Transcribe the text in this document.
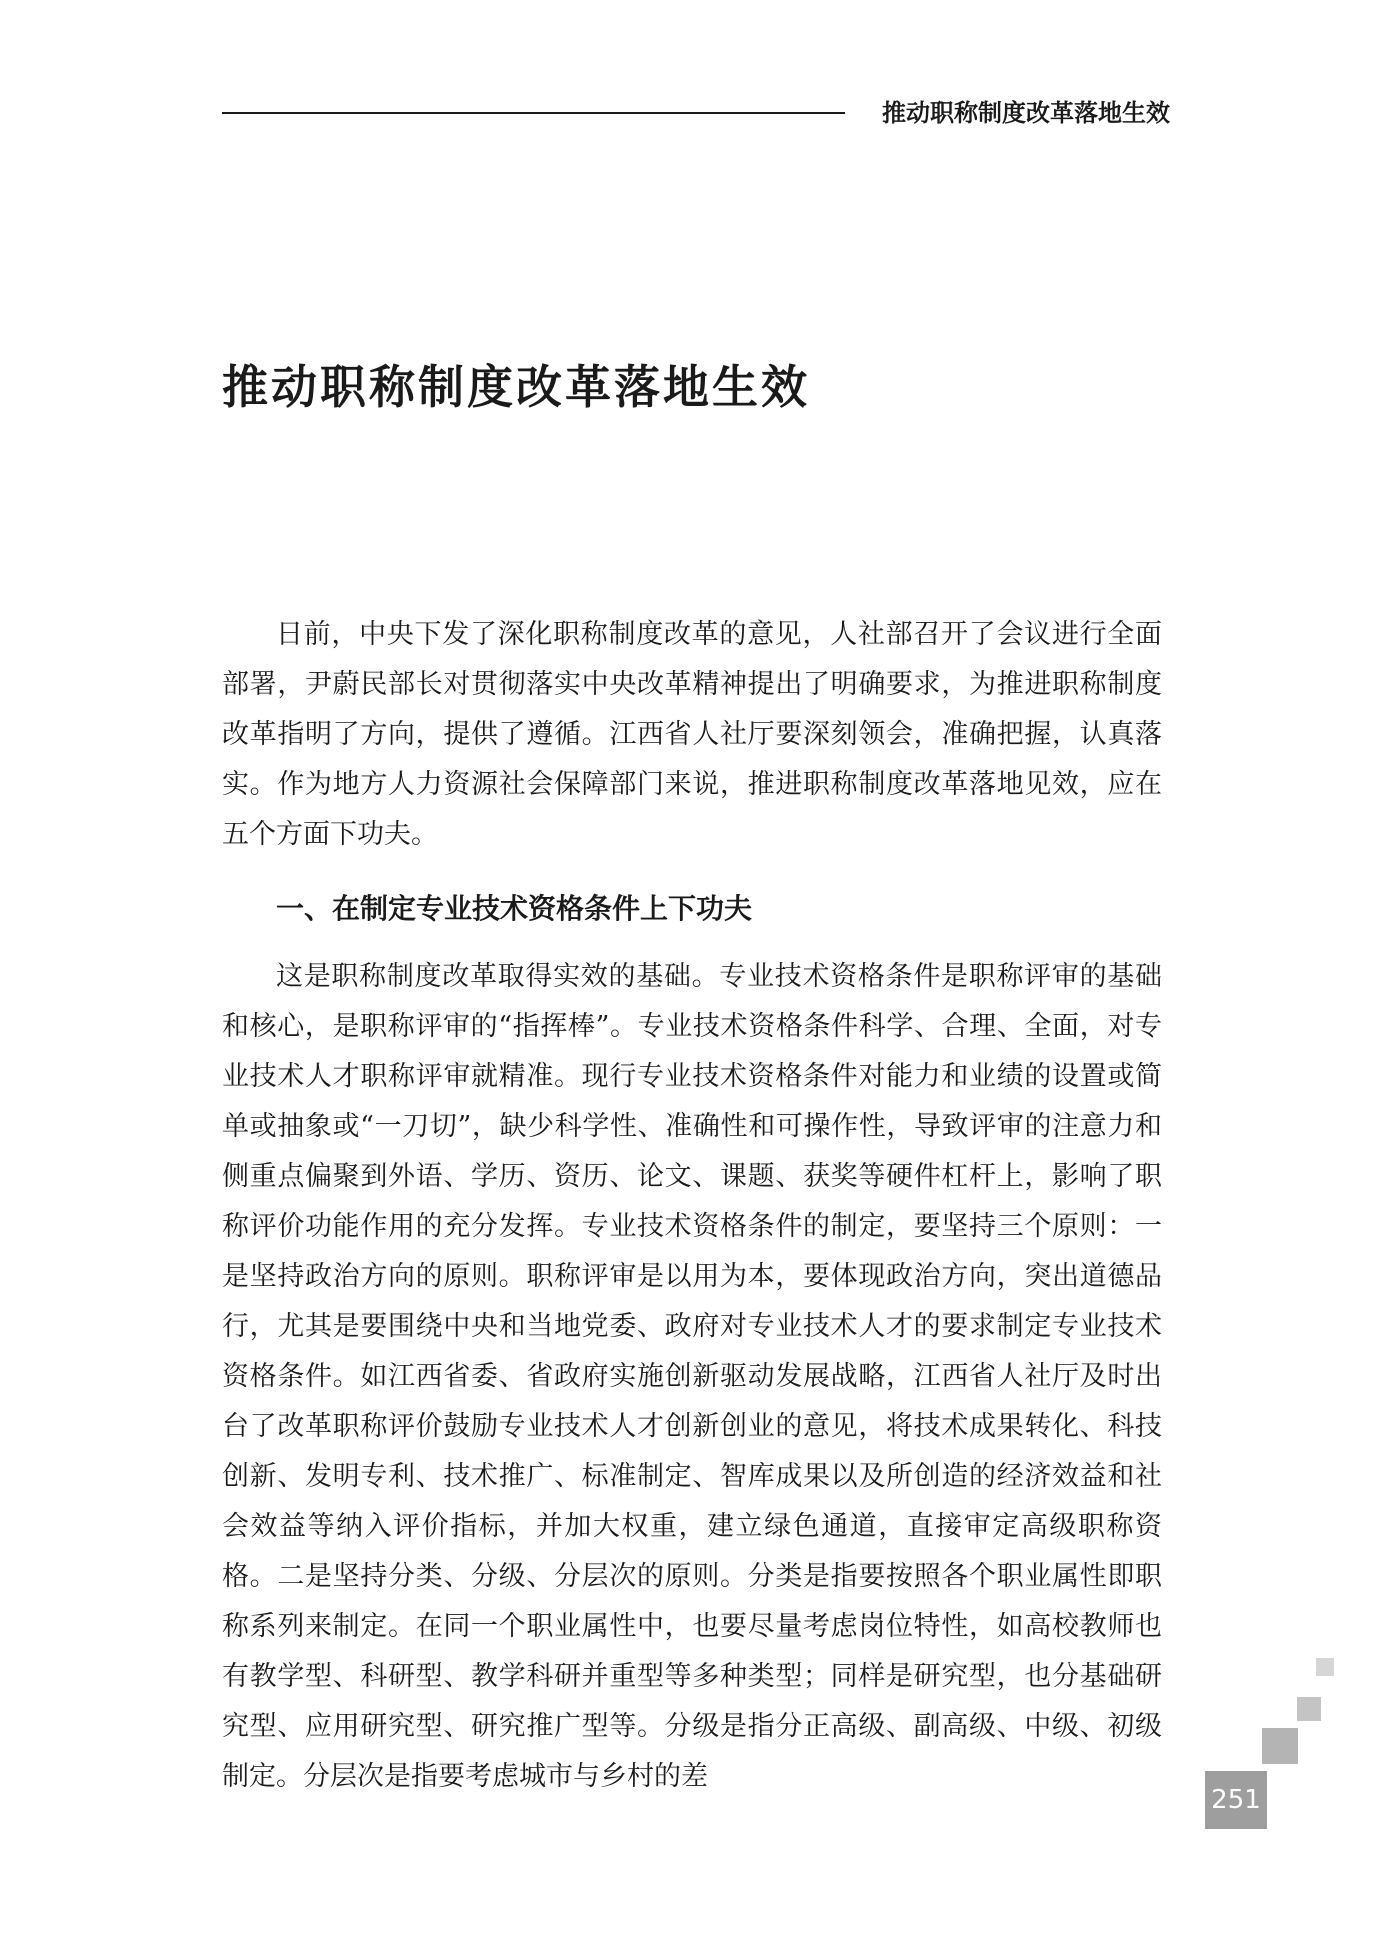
推动职称制度改革落地生效
推动职称制度改革落地生效

日前，中央下发了深化职称制度改革的意见，人社部召开了会议进行全面部署，尹蔚民部长对贯彻落实中央改革精神提出了明确要求，为推进职称制度改革指明了方向，提供了遵循。江西省人社厅要深刻领会，准确把握，认真落实。作为地方人力资源社会保障部门来说，推进职称制度改革落地见效，应在五个方面下功夫。

一、在制定专业技术资格条件上下功夫

这是职称制度改革取得实效的基础。专业技术资格条件是职称评审的基础和核心，是职称评审的“指挥棒”。专业技术资格条件科学、合理、全面，对专业技术人才职称评审就精准。现行专业技术资格条件对能力和业绩的设置或简单或抽象或“一刀切”，缺少科学性、准确性和可操作性，导致评审的注意力和侧重点偏聚到外语、学历、资历、论文、课题、获奖等硬件杠杆上，影响了职称评价功能作用的充分发挥。专业技术资格条件的制定，要坚持三个原则：一是坚持政治方向的原则。职称评审是以用为本，要体现政治方向，突出道德品行，尤其是要围绕中央和当地党委、政府对专业技术人才的要求制定专业技术资格条件。如江西省委、省政府实施创新驱动发展战略，江西省人社厅及时出台了改革职称评价鼓励专业技术人才创新创业的意见，将技术成果转化、科技创新、发明专利、技术推广、标准制定、智库成果以及所创造的经济效益和社会效益等纳入评价指标，并加大权重，建立绿色通道，直接审定高级职称资格。二是坚持分类、分级、分层次的原则。分类是指要按照各个职业属性即职称系列来制定。在同一个职业属性中，也要尽量考虑岗位特性，如高校教师也有教学型、科研型、教学科研并重型等多种类型；同样是研究型，也分基础研究型、应用研究型、研究推广型等。分级是指分正高级、副高级、中级、初级制定。分层次是指要考虑城市与乡村的差

251
